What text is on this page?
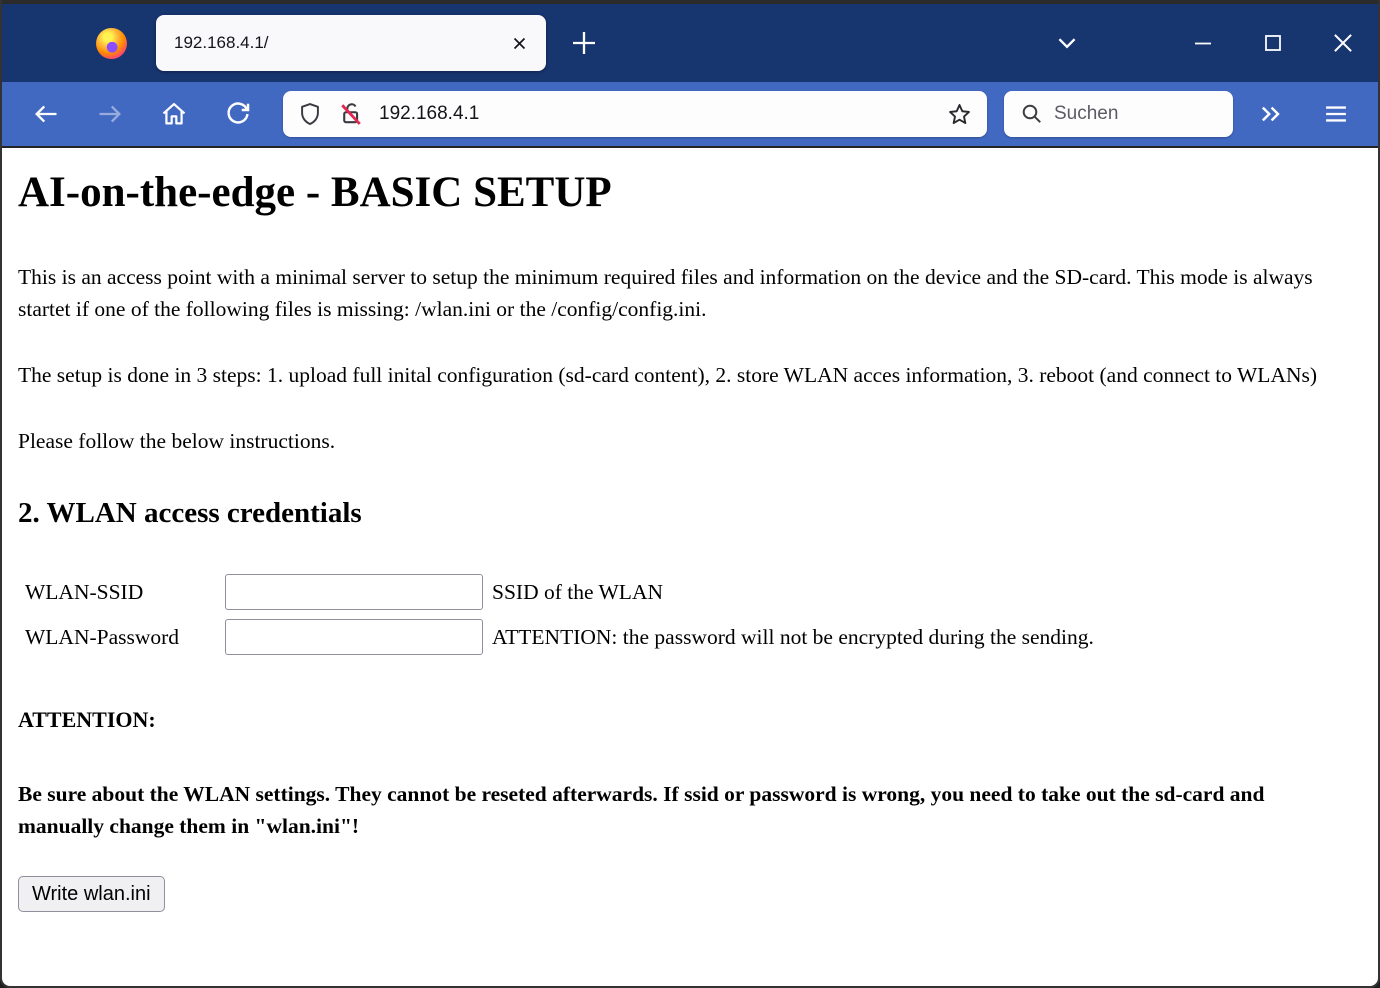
192.168.4.1/
192.168.4.1	Suchen
AI-on-the-edge - BASIC SETUP

This is an access point with a minimal server to setup the minimum required files and information on the device and the SD-card. This mode is always startet if one of the following files is missing: /wlan.ini or the /config/config.ini.

The setup is done in 3 steps: 1. upload full inital configuration (sd-card content), 2. store WLAN acces information, 3. reboot (and connect to WLANs)

Please follow the below instructions.

2. WLAN access credentials
WLAN-SSID	SSID of the WLAN
WLAN-Password	ATTENTION: the password will not be encrypted during the sending.
ATTENTION:

Be sure about the WLAN settings. They cannot be reseted afterwards. If ssid or password is wrong, you need to take out the sd-card and manually change them in "wlan.ini"!

Write wlan.ini
